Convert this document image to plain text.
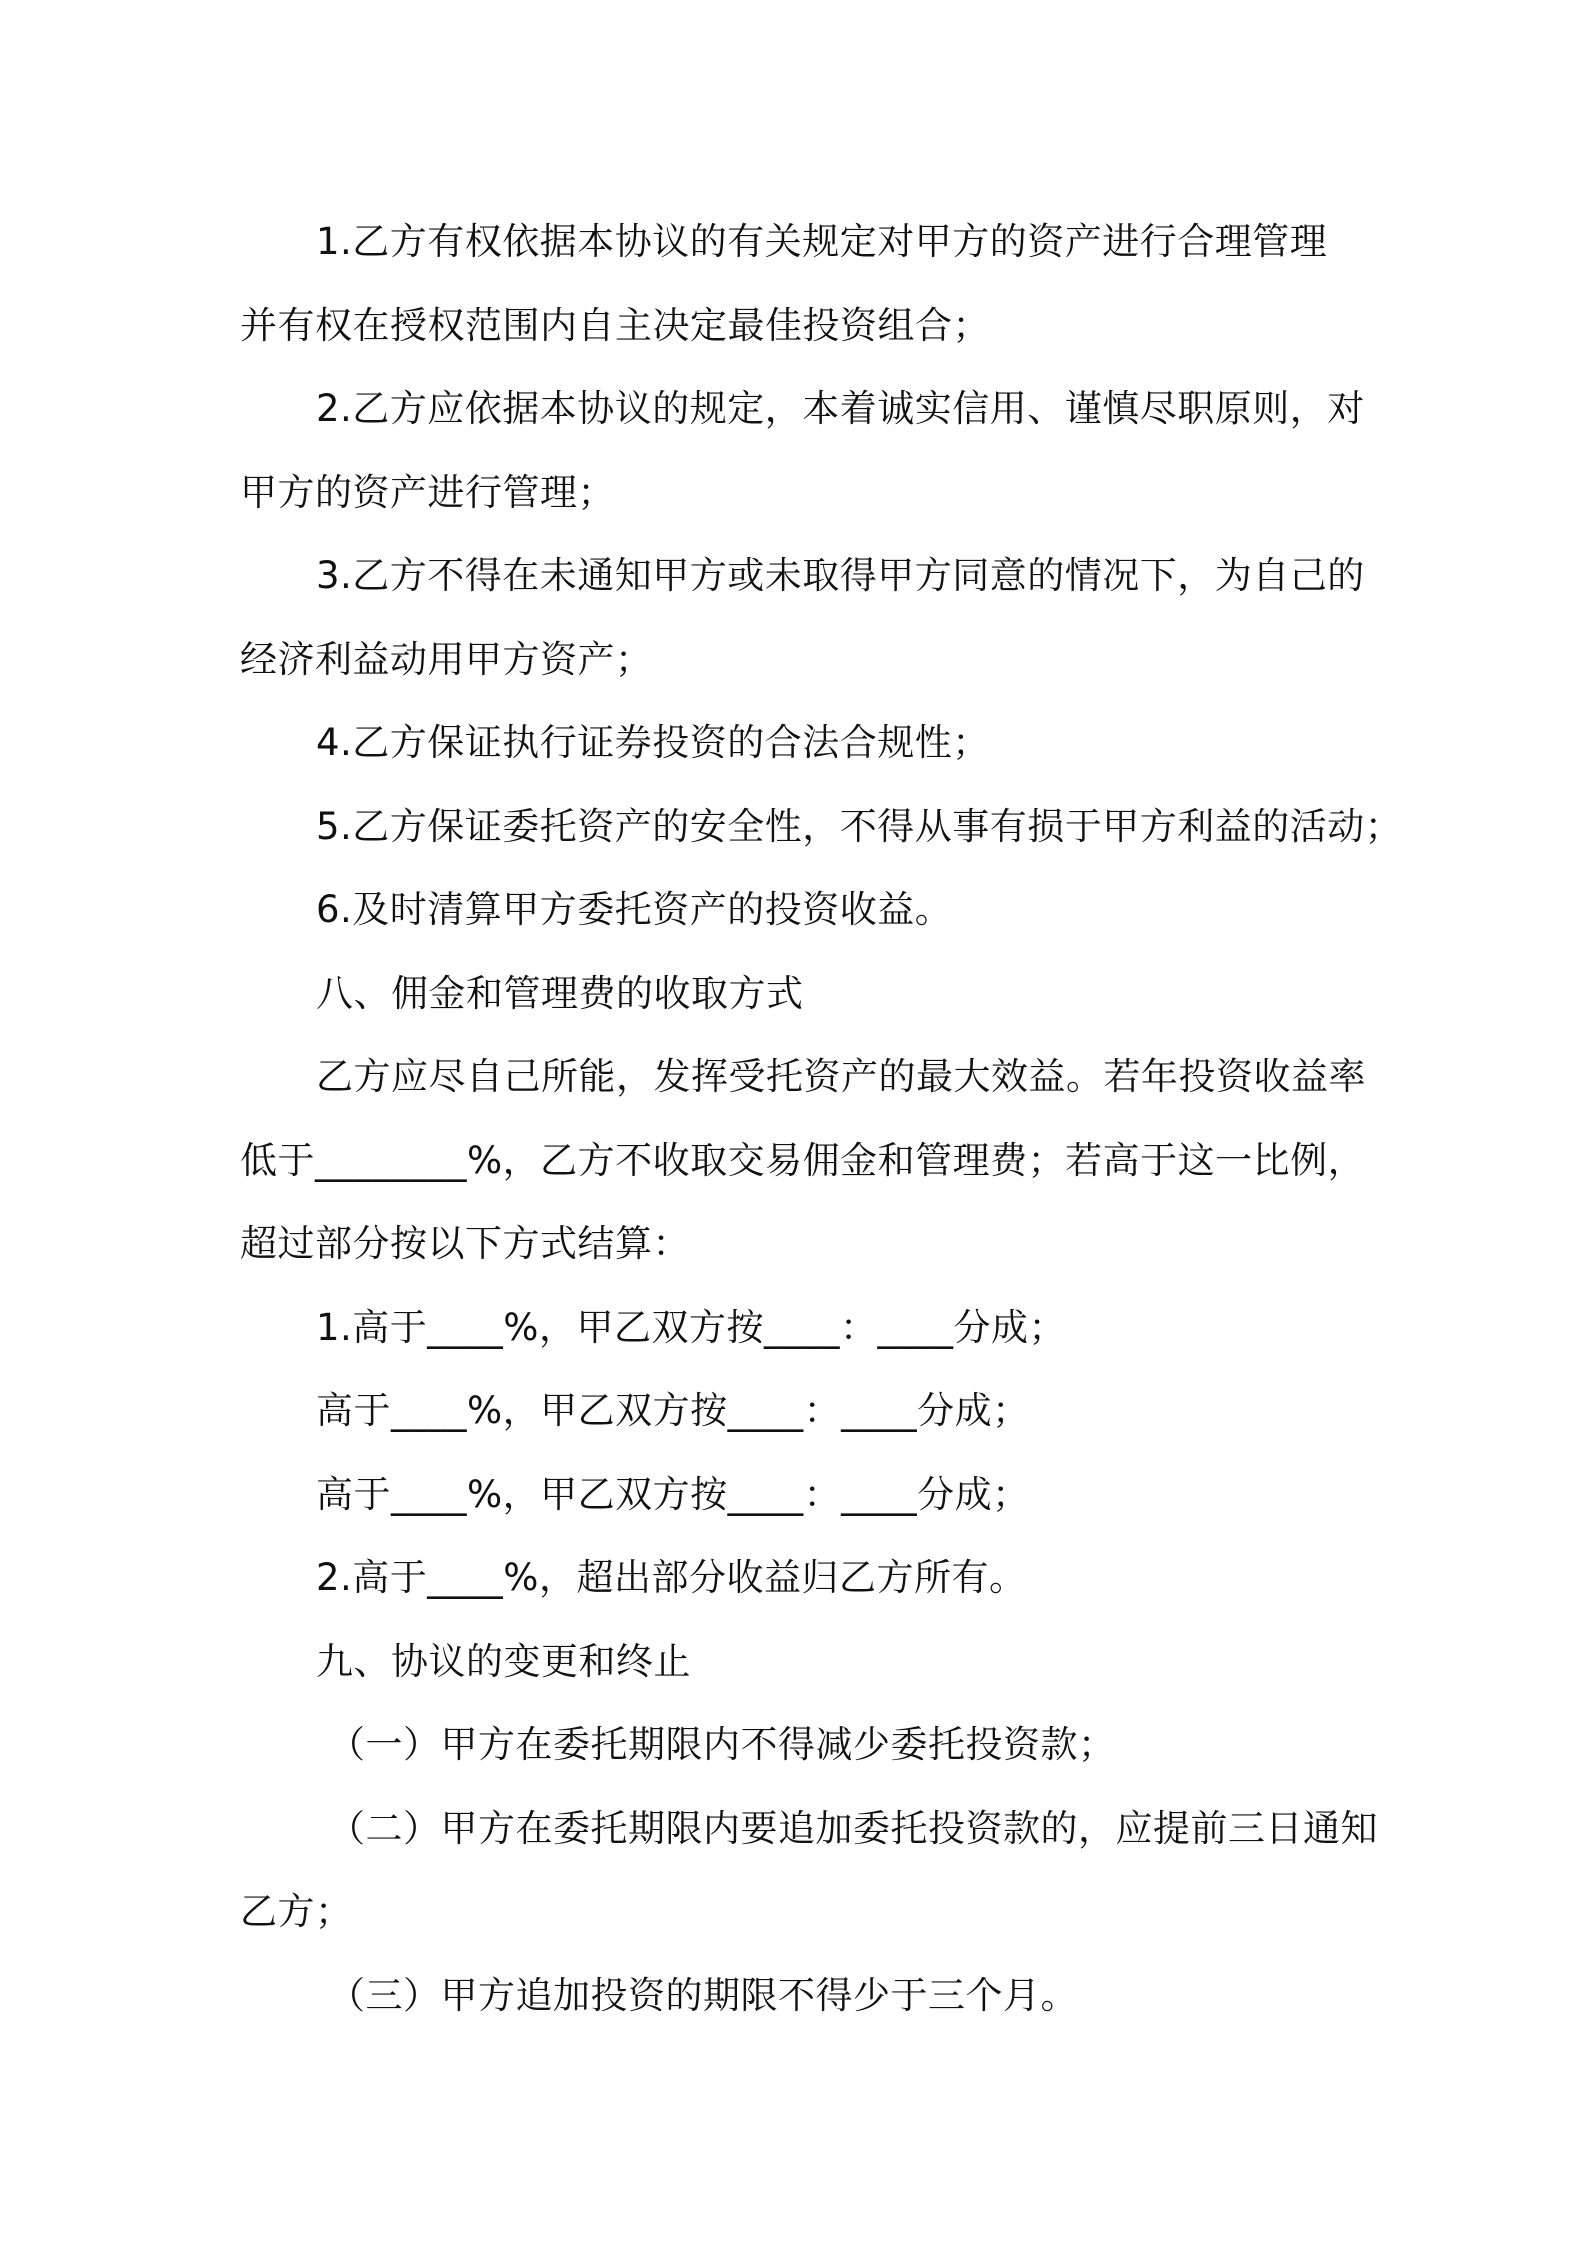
1.乙方有权依据本协议的有关规定对甲方的资产进行合理管理
并有权在授权范围内自主决定最佳投资组合；
2.乙方应依据本协议的规定，本着诚实信用、谨慎尽职原则，对
甲方的资产进行管理；
3.乙方不得在未通知甲方或未取得甲方同意的情况下，为自己的
经济利益动用甲方资产；
4.乙方保证执行证券投资的合法合规性；
5.乙方保证委托资产的安全性，不得从事有损于甲方利益的活动；
6.及时清算甲方委托资产的投资收益。
八、佣金和管理费的收取方式
乙方应尽自己所能，发挥受托资产的最大效益。若年投资收益率
低于________%，乙方不收取交易佣金和管理费；若高于这一比例，
超过部分按以下方式结算：
1.高于____%，甲乙双方按____：____分成；
高于____%，甲乙双方按____：____分成；
高于____%，甲乙双方按____：____分成；
2.高于____%，超出部分收益归乙方所有。
九、协议的变更和终止
（一）甲方在委托期限内不得减少委托投资款；
（二）甲方在委托期限内要追加委托投资款的，应提前三日通知
乙方；
（三）甲方追加投资的期限不得少于三个月。
